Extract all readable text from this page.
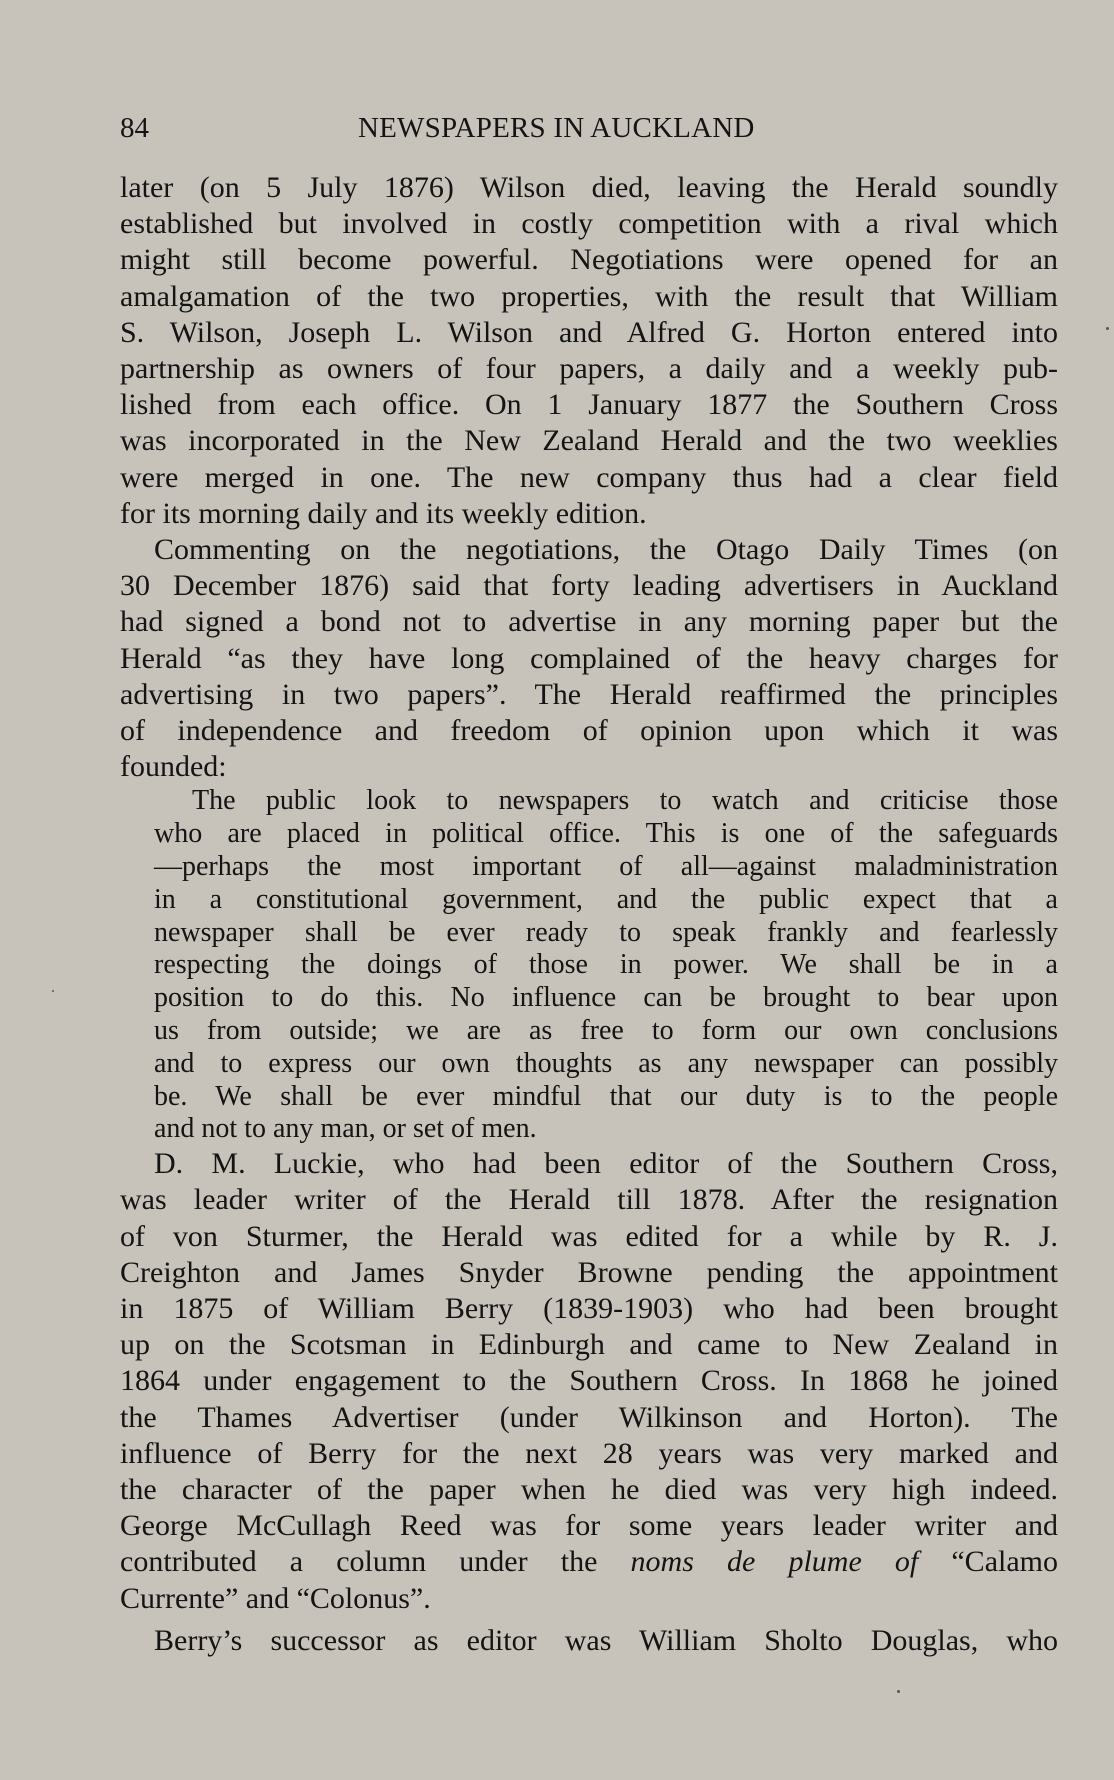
84	NEWSPAPERS IN AUCKLAND
later (on 5 July 1876) Wilson died, leaving the Herald soundly
established but involved in costly competition with a rival which
might still become powerful. Negotiations were opened for an
amalgamation of the two properties, with the result that William
S. Wilson, Joseph L. Wilson and Alfred G. Horton entered into
partnership as owners of four papers, a daily and a weekly pub-
lished from each office. On 1 January 1877 the Southern Cross
was incorporated in the New Zealand Herald and the two weeklies
were merged in one. The new company thus had a clear field
for its morning daily and its weekly edition.
Commenting on the negotiations, the Otago Daily Times (on
30 December 1876) said that forty leading advertisers in Auckland
had signed a bond not to advertise in any morning paper but the
Herald “as they have long complained of the heavy charges for
advertising in two papers”. The Herald reaffirmed the principles
of independence and freedom of opinion upon which it was
founded:
The public look to newspapers to watch and criticise those
who are placed in political office. This is one of the safeguards
—perhaps the most important of all—against maladministration
in a constitutional government, and the public expect that a
newspaper shall be ever ready to speak frankly and fearlessly
respecting the doings of those in power. We shall be in a
position to do this. No influence can be brought to bear upon
us from outside; we are as free to form our own conclusions
and to express our own thoughts as any newspaper can possibly
be. We shall be ever mindful that our duty is to the people
and not to any man, or set of men.
D. M. Luckie, who had been editor of the Southern Cross,
was leader writer of the Herald till 1878. After the resignation
of von Sturmer, the Herald was edited for a while by R. J.
Creighton and James Snyder Browne pending the appointment
in 1875 of William Berry (1839-1903) who had been brought
up on the Scotsman in Edinburgh and came to New Zealand in
1864 under engagement to the Southern Cross. In 1868 he joined
the Thames Advertiser (under Wilkinson and Horton). The
influence of Berry for the next 28 years was very marked and
the character of the paper when he died was very high indeed.
George McCullagh Reed was for some years leader writer and
contributed a column under the noms de plume of “Calamo
Currente” and “Colonus”.
Berry’s successor as editor was William Sholto Douglas, who
